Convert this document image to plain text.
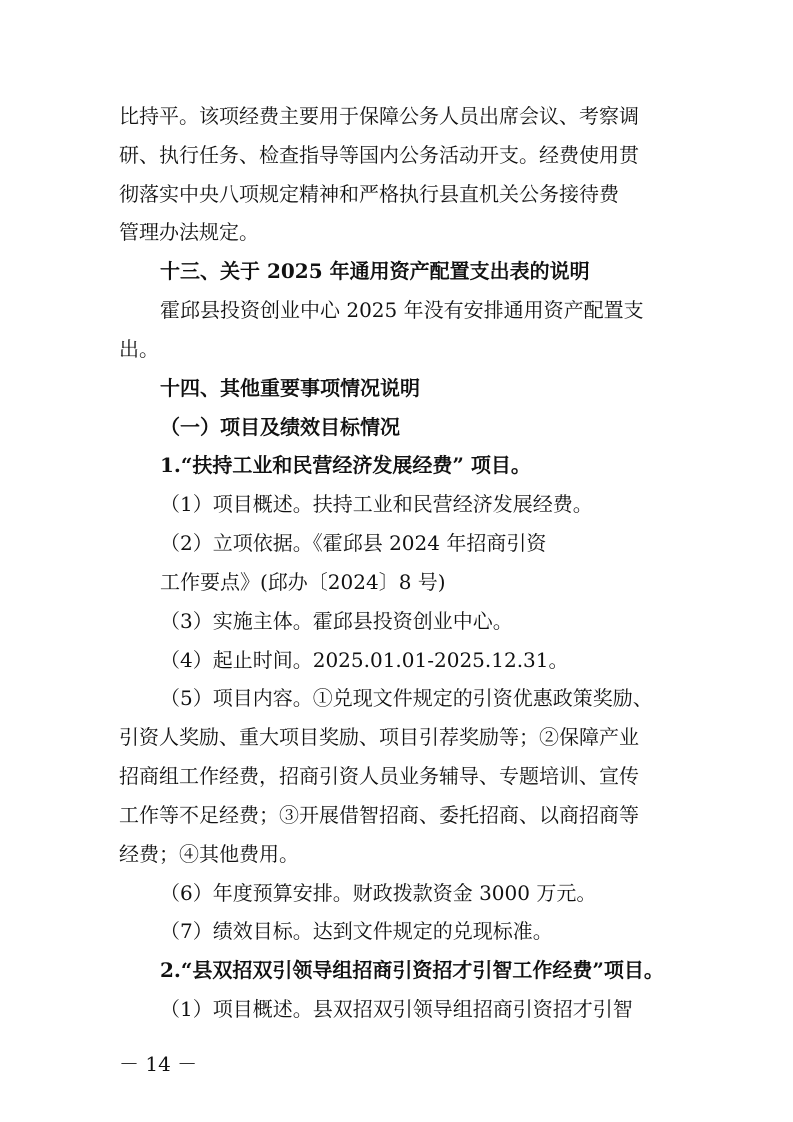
比持平。该项经费主要用于保障公务人员出席会议、考察调
研、执行任务、检查指导等国内公务活动开支。经费使用贯
彻落实中央八项规定精神和严格执行县直机关公务接待费
管理办法规定。
十三、关于 2025 年通用资产配置支出表的说明
霍邱县投资创业中心 2025 年没有安排通用资产配置支
出。
十四、其他重要事项情况说明
（一）项目及绩效目标情况
1.“扶持工业和民营经济发展经费” 项目。
（1）项目概述。扶持工业和民营经济发展经费。
（2）立项依据。《霍邱县 2024 年招商引资
工作要点》(邱办〔2024〕8 号)
（3）实施主体。霍邱县投资创业中心。
（4）起止时间。2025.01.01-2025.12.31。
（5）项目内容。①兑现文件规定的引资优惠政策奖励、
引资人奖励、重大项目奖励、项目引荐奖励等；②保障产业
招商组工作经费，招商引资人员业务辅导、专题培训、宣传
工作等不足经费；③开展借智招商、委托招商、以商招商等
经费；④其他费用。
（6）年度预算安排。财政拨款资金 3000 万元。
（7）绩效目标。达到文件规定的兑现标准。
2.“县双招双引领导组招商引资招才引智工作经费”项目。
（1）项目概述。县双招双引领导组招商引资招才引智
－ 14 －
